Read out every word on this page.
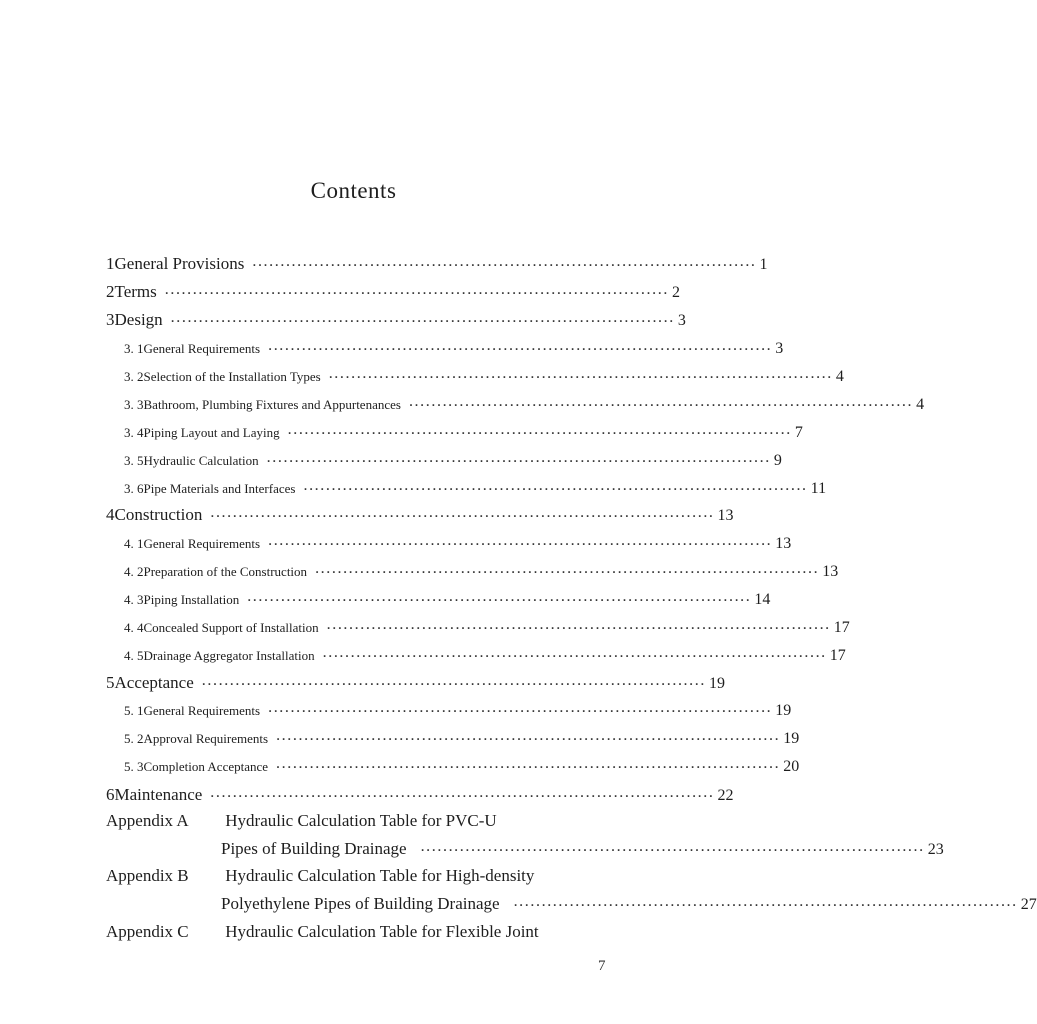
Contents
1 General Provisions ·························································································· 1
2 Terms ·························································································· 2
3 Design ·························································································· 3
3. 1 General Requirements ·························································································· 3
3. 2 Selection of the Installation Types ·························································································· 4
3. 3 Bathroom, Plumbing Fixtures and Appurtenances ·························································································· 4
3. 4 Piping Layout and Laying ·························································································· 7
3. 5 Hydraulic Calculation ·························································································· 9
3. 6 Pipe Materials and Interfaces ·························································································· 11
4 Construction ·························································································· 13
4. 1 General Requirements ·························································································· 13
4. 2 Preparation of the Construction ·························································································· 13
4. 3 Piping Installation ·························································································· 14
4. 4 Concealed Support of Installation ·························································································· 17
4. 5 Drainage Aggregator Installation ·························································································· 17
5 Acceptance ·························································································· 19
5. 1 General Requirements ·························································································· 19
5. 2 Approval Requirements ·························································································· 19
5. 3 Completion Acceptance ·························································································· 20
6 Maintenance ·························································································· 22
Appendix A Hydraulic Calculation Table for PVC-U
Pipes of Building Drainage ·························································································· 23
Appendix B Hydraulic Calculation Table for High-density
Polyethylene Pipes of Building Drainage ·························································································· 27
Appendix C Hydraulic Calculation Table for Flexible Joint
7
